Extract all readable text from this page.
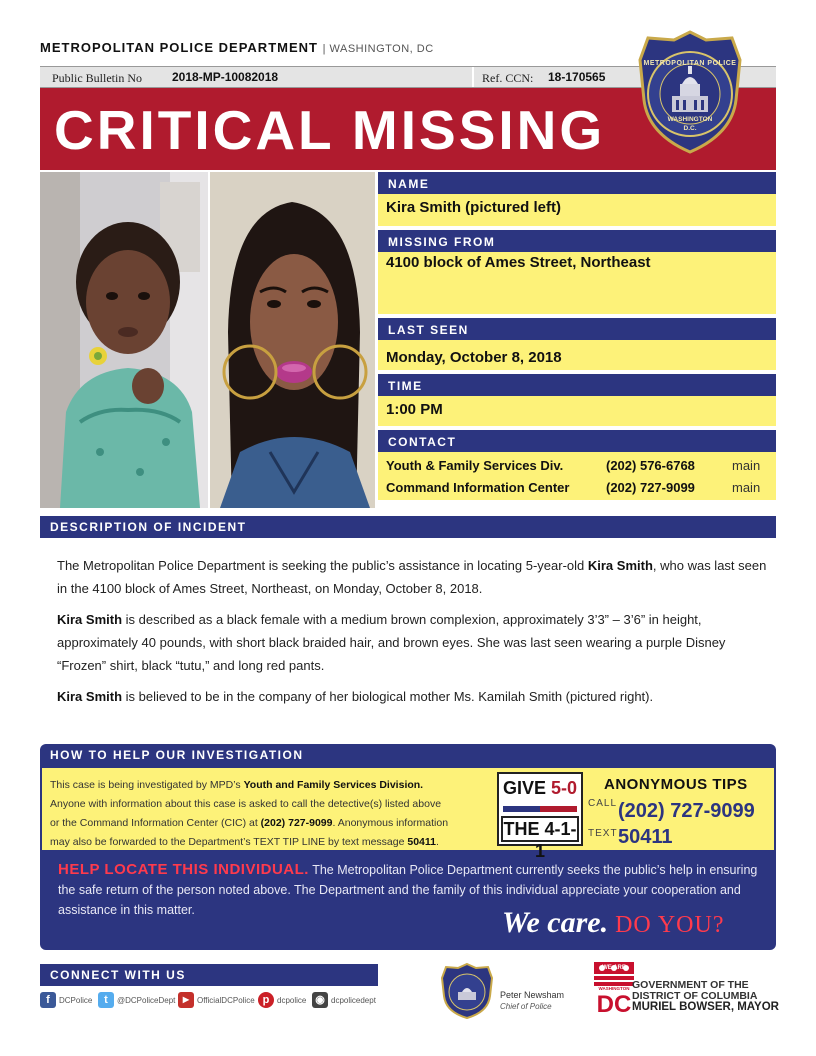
METROPOLITAN POLICE DEPARTMENT | WASHINGTON, DC
Public Bulletin No	2018-MP-10082018	Ref. CCN: 18-170565
CRITICAL MISSING
METROPOLITAN POLICE
WASHINGTON
D.C.
NAME
Kira Smith (pictured left)
MISSING FROM
4100 block of Ames Street, Northeast
LAST SEEN
Monday, October 8, 2018
TIME
1:00 PM
CONTACT
Youth & Family Services Div.	(202) 576-6768	main
Command Information Center	(202) 727-9099	main
DESCRIPTION OF INCIDENT

The Metropolitan Police Department is seeking the public’s assistance in locating 5-year-old Kira Smith, who was last seen in the 4100 block of Ames Street, Northeast, on Monday, October 8, 2018.

Kira Smith is described as a black female with a medium brown complexion, approximately 3’3” – 3’6” in height, approximately 40 pounds, with short black braided hair, and brown eyes. She was last seen wearing a purple Disney “Frozen” shirt, black “tutu,” and long red pants.

Kira Smith is believed to be in the company of her biological mother Ms. Kamilah Smith (pictured right).

HOW TO HELP OUR INVESTIGATION
This case is being investigated by MPD’s Youth and Family Services Division.
Anyone with information about this case is asked to call the detective(s) listed above
or the Command Information Center (CIC) at (202) 727-9099. Anonymous information
may also be forwarded to the Department’s TEXT TIP LINE by text message 50411.
GIVE 5-0
THE 4-1-1
ANONYMOUS TIPS
CALL (202) 727-9099
TEXT 50411
HELP LOCATE THIS INDIVIDUAL. The Metropolitan Police Department currently seeks the public’s help in ensuring the safe return of the person noted above. The Department and the family of this individual appreciate your cooperation and assistance in this matter.	We care. DO YOU?
CONNECT WITH US
f	DCPolice	t	@DCPoliceDept ▶ OfficialDCPolice p dcpolice ◉ dcpolicedept	Peter Newsham
Chief of Police DC
WE ARE
WASHINGTON GOVERNMENT OF THE
DISTRICT OF COLUMBIA
MURIEL BOWSER, MAYOR
